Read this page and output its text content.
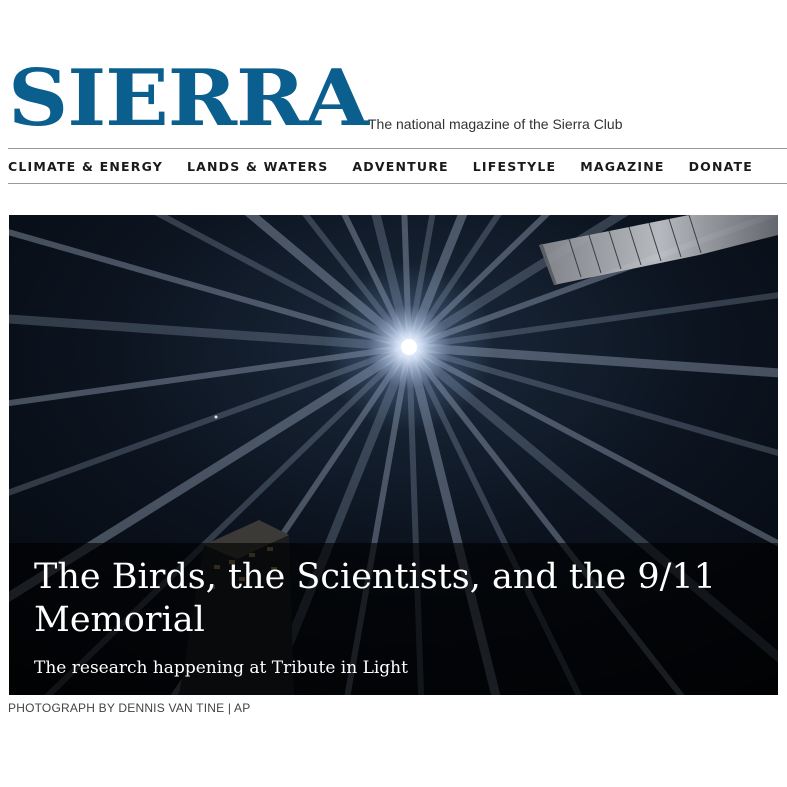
SIERRA The national magazine of the Sierra Club
CLIMATE & ENERGY LANDS & WATERS ADVENTURE LIFESTYLE MAGAZINE DONATE
The Birds, the Scientists, and the 9/11 Memorial

The research happening at Tribute in Light

PHOTOGRAPH BY DENNIS VAN TINE | AP
